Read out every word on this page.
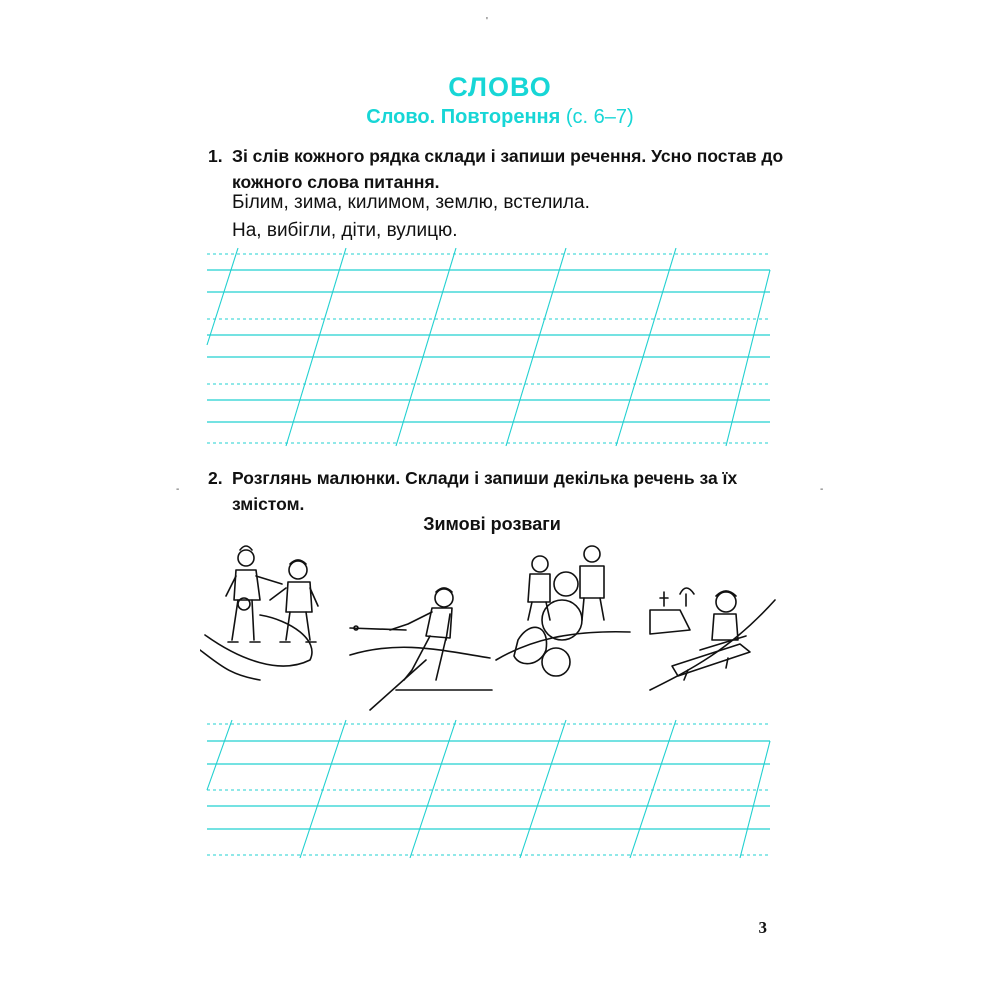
СЛОВО
Слово. Повторення (с. 6–7)
1. Зі слів кожного рядка склади і запиши речення. Усно постав до кожного слова питання.
Білим, зима, килимом, землю, встелила.
На, вибігли, діти, вулицю.
2. Розглянь малюнки. Склади і запиши декілька речень за їх змістом.
Зимові розваги
3
'
-	-
